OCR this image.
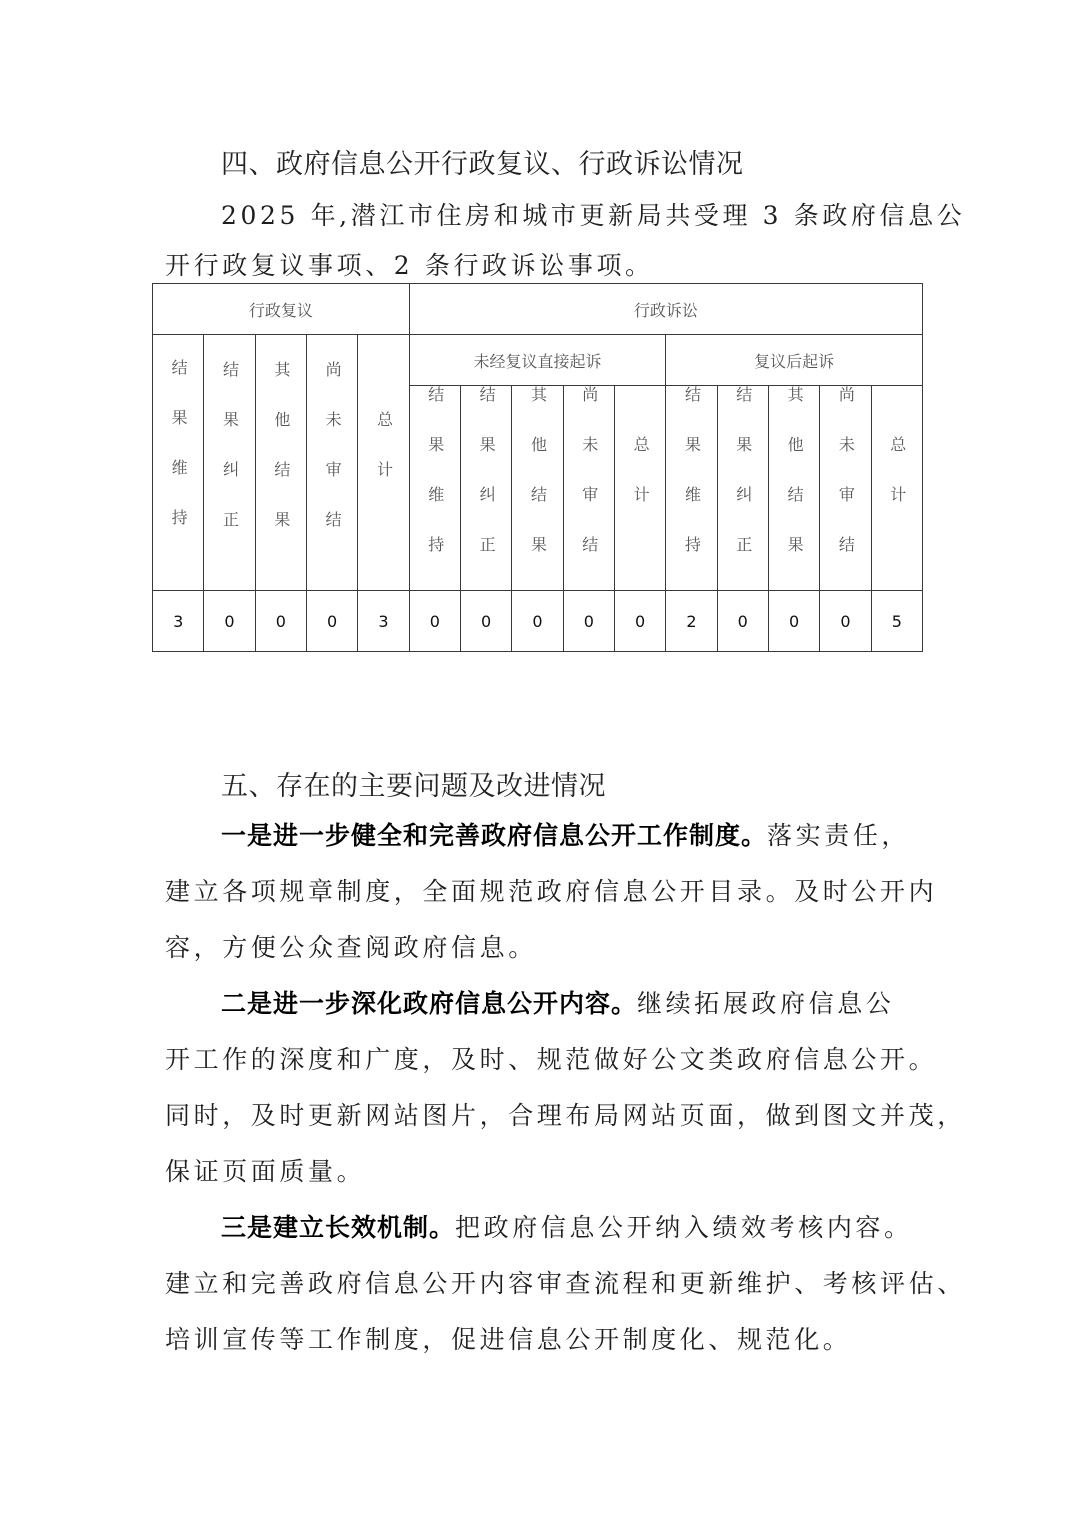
四、政府信息公开行政复议、行政诉讼情况
2025 年,潜江市住房和城市更新局共受理 3 条政府信息公
开行政复议事项、2 条行政诉讼事项。
行政复议					行政诉讼									
结果维持	结果纠正	其他结果	尚未审结	总计	未经复议直接起诉					复议后起诉				
					结果维持	结果纠正	其他结果	尚未审结	总计	结果维持	结果纠正	其他结果	尚未审结	总计
3	0	0	0	3	0	0	0	0	0	2	0	0	0	5
五、存在的主要问题及改进情况
一是进一步健全和完善政府信息公开工作制度。落实责任，
建立各项规章制度，全面规范政府信息公开目录。及时公开内
容，方便公众查阅政府信息。
二是进一步深化政府信息公开内容。继续拓展政府信息公
开工作的深度和广度，及时、规范做好公文类政府信息公开。
同时，及时更新网站图片，合理布局网站页面，做到图文并茂，
保证页面质量。
三是建立长效机制。把政府信息公开纳入绩效考核内容。
建立和完善政府信息公开内容审查流程和更新维护、考核评估、
培训宣传等工作制度，促进信息公开制度化、规范化。
